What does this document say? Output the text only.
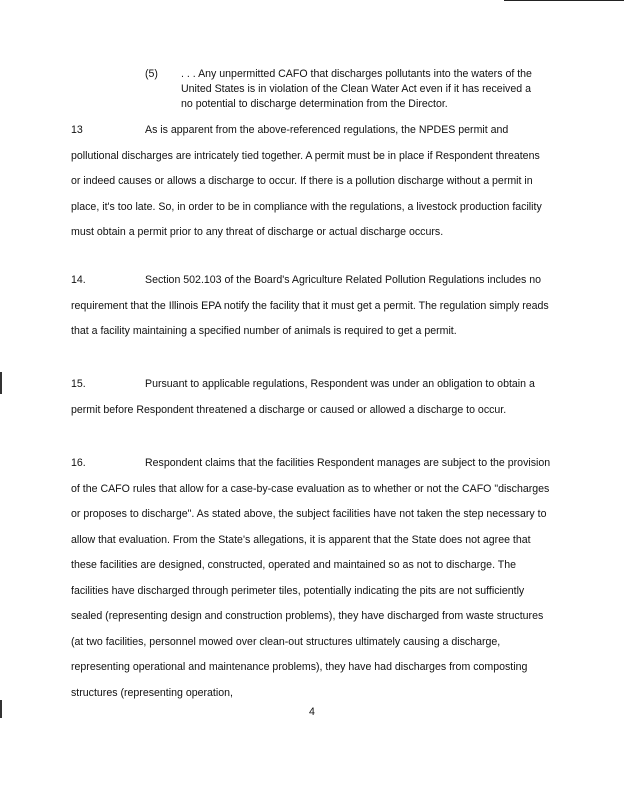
(5) . . . Any unpermitted CAFO that discharges pollutants into the waters of the United States is in violation of the Clean Water Act even if it has received a no potential to discharge determination from the Director.
13	As is apparent from the above-referenced regulations, the NPDES permit and pollutional discharges are intricately tied together. A permit must be in place if Respondent threatens or indeed causes or allows a discharge to occur. If there is a pollution discharge without a permit in place, it's too late. So, in order to be in compliance with the regulations, a livestock production facility must obtain a permit prior to any threat of discharge or actual discharge occurs.
14.	Section 502.103 of the Board's Agriculture Related Pollution Regulations includes no requirement that the Illinois EPA notify the facility that it must get a permit. The regulation simply reads that a facility maintaining a specified number of animals is required to get a permit.
15.	Pursuant to applicable regulations, Respondent was under an obligation to obtain a permit before Respondent threatened a discharge or caused or allowed a discharge to occur.
16.	Respondent claims that the facilities Respondent manages are subject to the provision of the CAFO rules that allow for a case-by-case evaluation as to whether or not the CAFO "discharges or proposes to discharge". As stated above, the subject facilities have not taken the step necessary to allow that evaluation. From the State's allegations, it is apparent that the State does not agree that these facilities are designed, constructed, operated and maintained so as not to discharge. The facilities have discharged through perimeter tiles, potentially indicating the pits are not sufficiently sealed (representing design and construction problems), they have discharged from waste structures (at two facilities, personnel mowed over clean-out structures ultimately causing a discharge, representing operational and maintenance problems), they have had discharges from composting structures (representing operation,
4
